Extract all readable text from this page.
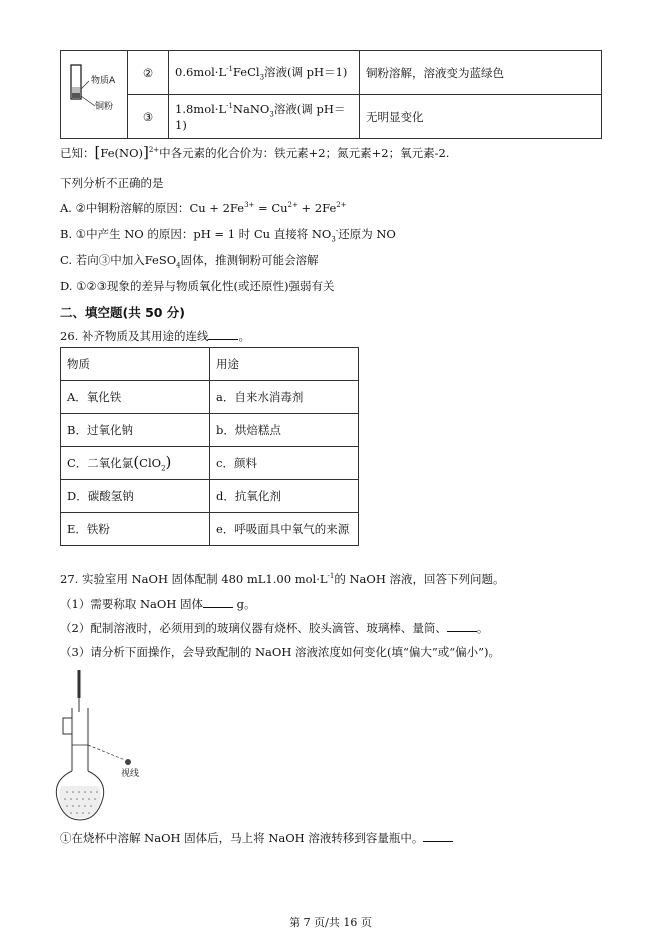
物质A
铜粉	②	$0.6mol\cdot L^{-1}FeCl_3$溶液(调 pH＝1)	铜粉溶解，溶液变为蓝绿色
	③	$1.8mol\cdot L^{-1}NaNO_3$溶液(调 pH＝1)	无明显变化
已知：$[Fe(NO)]^{2+}$中各元素的化合价为：铁元素+2；氮元素+2；氧元素-2.
下列分析不正确的是
A. ②中铜粉溶解的原因：$Cu + 2Fe^{3+} = Cu^{2+} + 2Fe^{2+}$
B. ①中产生 NO 的原因：pH = 1 时 Cu 直接将 $NO_3^-$还原为 NO
C. 若向③中加入FeSO$_4$固体，推测铜粉可能会溶解
D. ①②③现象的差异与物质氧化性(或还原性)强弱有关
二、填空题(共 50 分)
26. 补齐物质及其用途的连线	。
物质	用途
A．氧化铁	a．自来水消毒剂
B．过氧化钠	b．烘焙糕点
C．二氧化氯(ClO$_2$)	c．颜料
D．碳酸氢钠	d．抗氧化剂
E．铁粉	e．呼吸面具中氧气的来源
27. 实验室用 NaOH 固体配制 480 mL1.00 $mol\cdot L^{-1}$的 NaOH 溶液，回答下列问题。
（1）需要称取 NaOH 固体	g。
（2）配制溶液时，必须用到的玻璃仪器有烧杯、胶头滴管、玻璃棒、量筒、	。
（3）请分析下面操作，会导致配制的 NaOH 溶液浓度如何变化(填“偏大”或“偏小”)。
视线
①在烧杯中溶解 NaOH 固体后，马上将 NaOH 溶液转移到容量瓶中。
第 7 页/共 16 页
